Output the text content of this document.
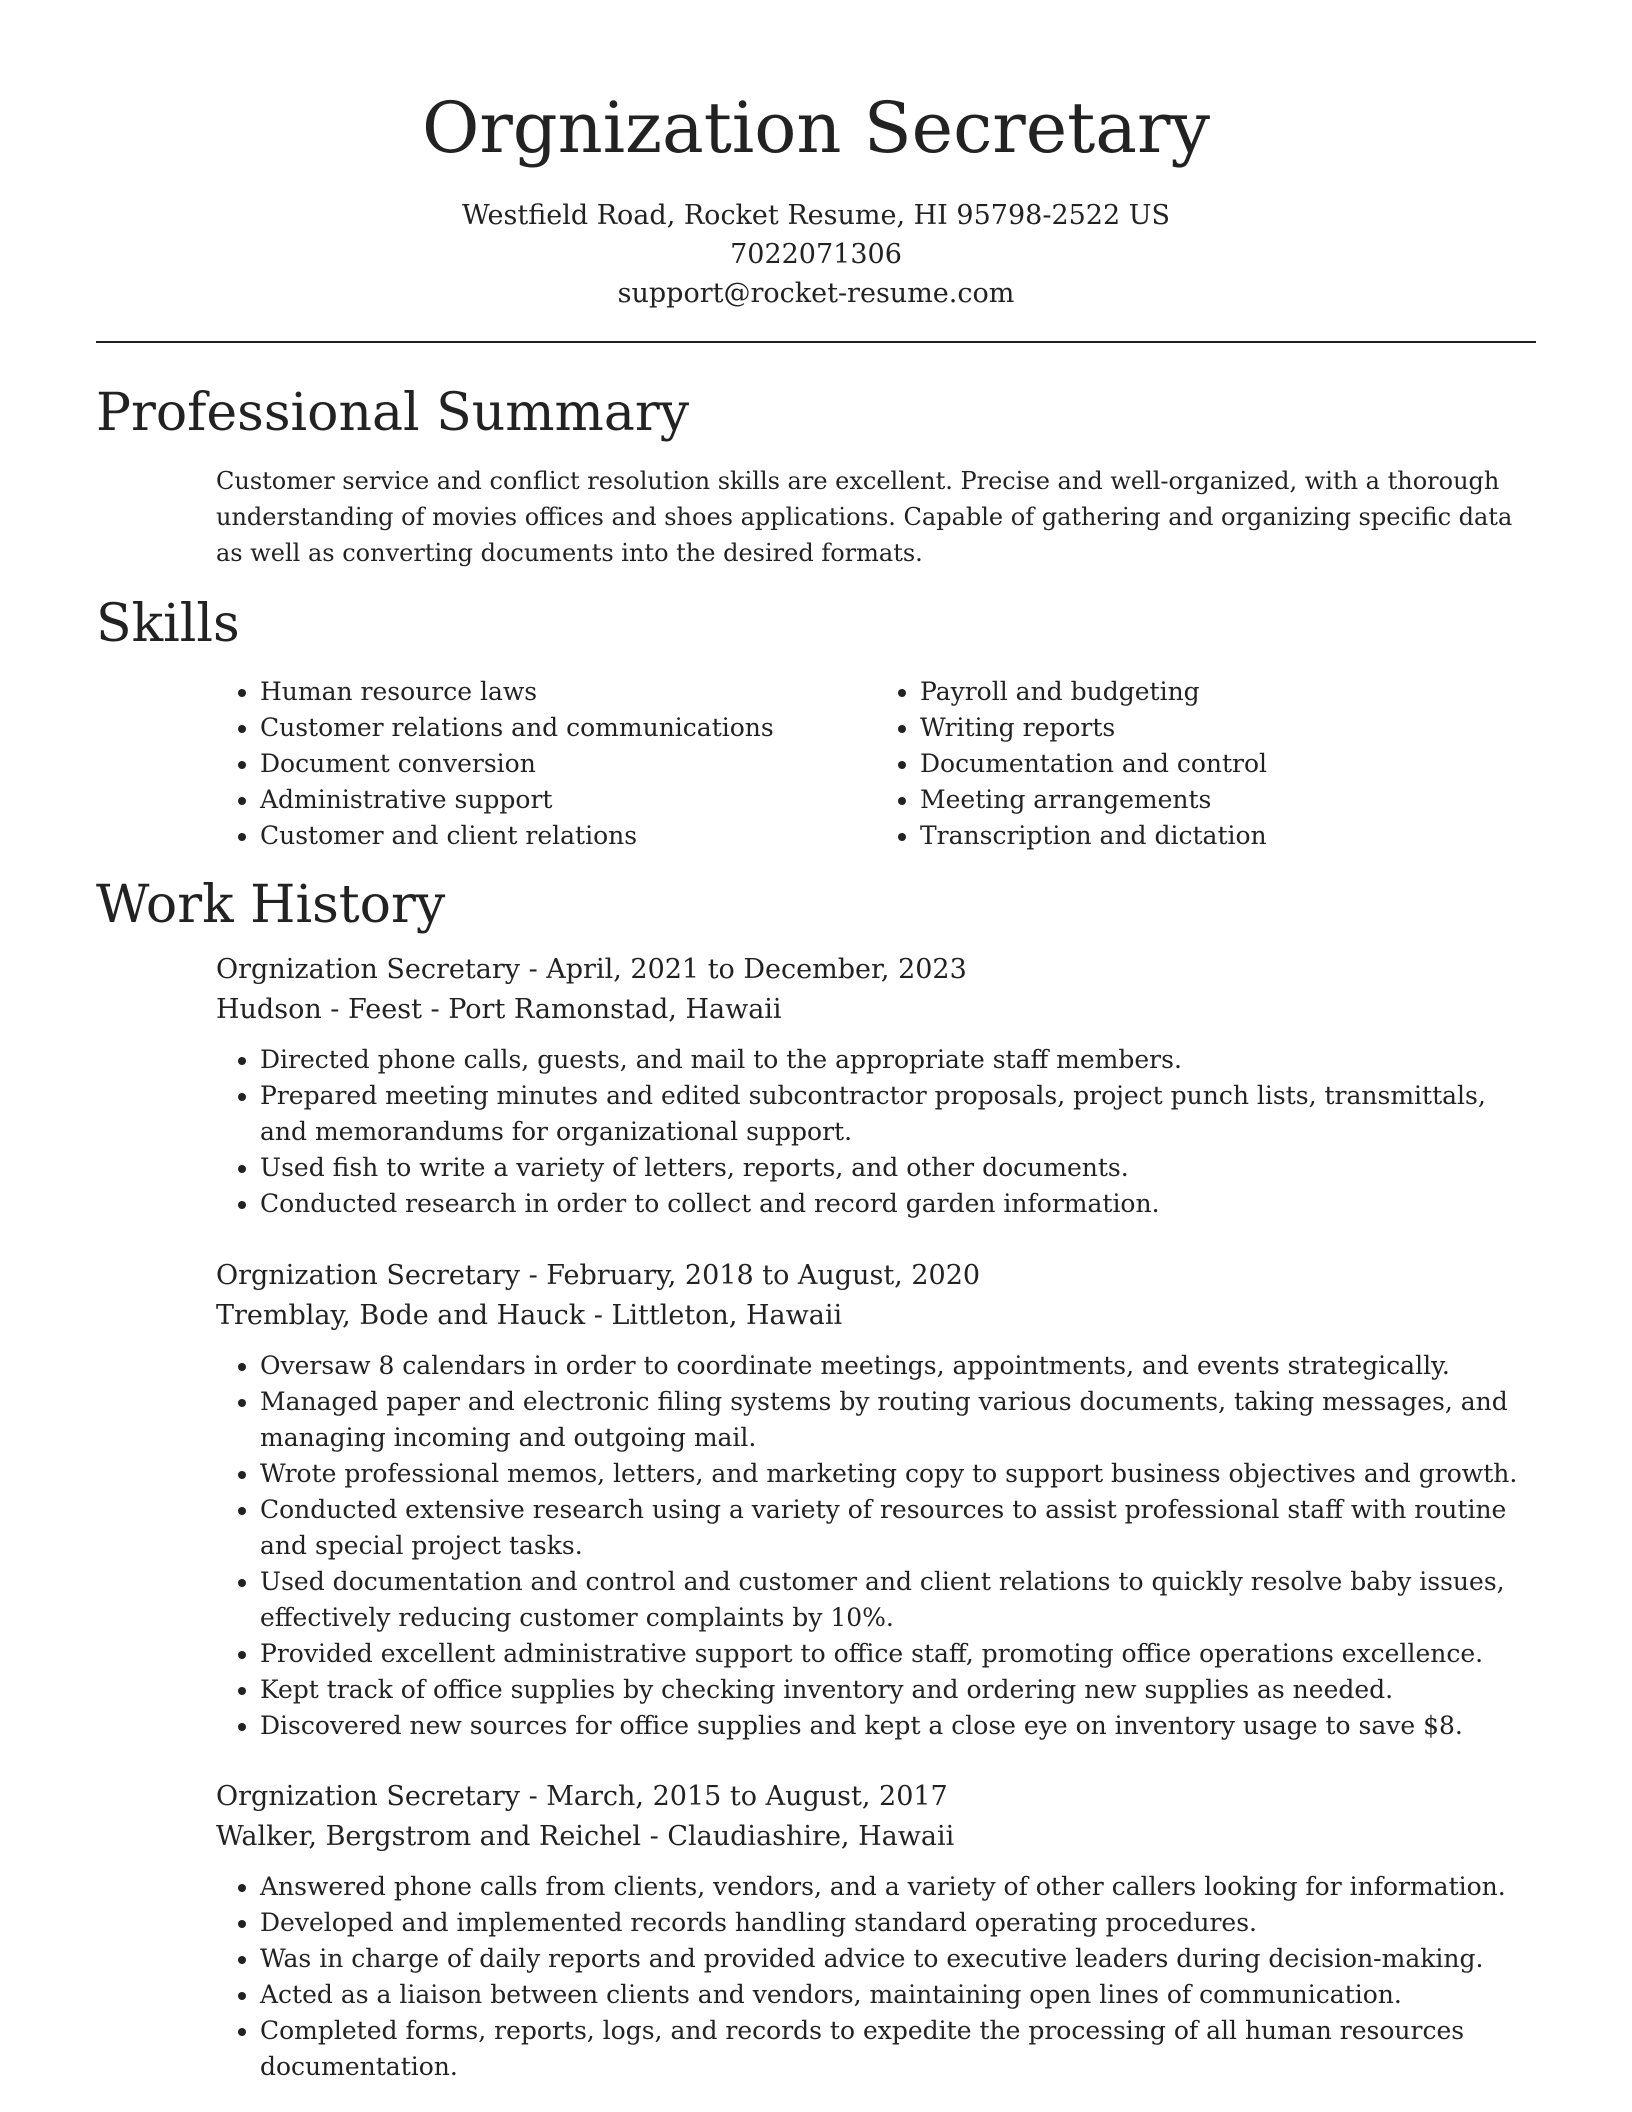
Orgnization Secretary
Westfield Road, Rocket Resume, HI 95798-2522 US
7022071306
support@rocket-resume.com
Professional Summary

Customer service and conflict resolution skills are excellent. Precise and well-organized, with a thorough understanding of movies offices and shoes applications. Capable of gathering and organizing specific data as well as converting documents into the desired formats.

Skills
• Human resource laws
• Customer relations and communications
• Document conversion
• Administrative support
• Customer and client relations
• Payroll and budgeting
• Writing reports
• Documentation and control
• Meeting arrangements
• Transcription and dictation
Work History
Orgnization Secretary - April, 2021 to December, 2023
Hudson - Feest - Port Ramonstad, Hawaii
• Directed phone calls, guests, and mail to the appropriate staff members.
• Prepared meeting minutes and edited subcontractor proposals, project punch lists, transmittals, and memorandums for organizational support.
• Used fish to write a variety of letters, reports, and other documents.
• Conducted research in order to collect and record garden information.
Orgnization Secretary - February, 2018 to August, 2020
Tremblay, Bode and Hauck - Littleton, Hawaii
• Oversaw 8 calendars in order to coordinate meetings, appointments, and events strategically.
• Managed paper and electronic filing systems by routing various documents, taking messages, and managing incoming and outgoing mail.
• Wrote professional memos, letters, and marketing copy to support business objectives and growth.
• Conducted extensive research using a variety of resources to assist professional staff with routine and special project tasks.
• Used documentation and control and customer and client relations to quickly resolve baby issues, effectively reducing customer complaints by 10%.
• Provided excellent administrative support to office staff, promoting office operations excellence.
• Kept track of office supplies by checking inventory and ordering new supplies as needed.
• Discovered new sources for office supplies and kept a close eye on inventory usage to save $8.
Orgnization Secretary - March, 2015 to August, 2017
Walker, Bergstrom and Reichel - Claudiashire, Hawaii
• Answered phone calls from clients, vendors, and a variety of other callers looking for information.
• Developed and implemented records handling standard operating procedures.
• Was in charge of daily reports and provided advice to executive leaders during decision-making.
• Acted as a liaison between clients and vendors, maintaining open lines of communication.
• Completed forms, reports, logs, and records to expedite the processing of all human resources documentation.
